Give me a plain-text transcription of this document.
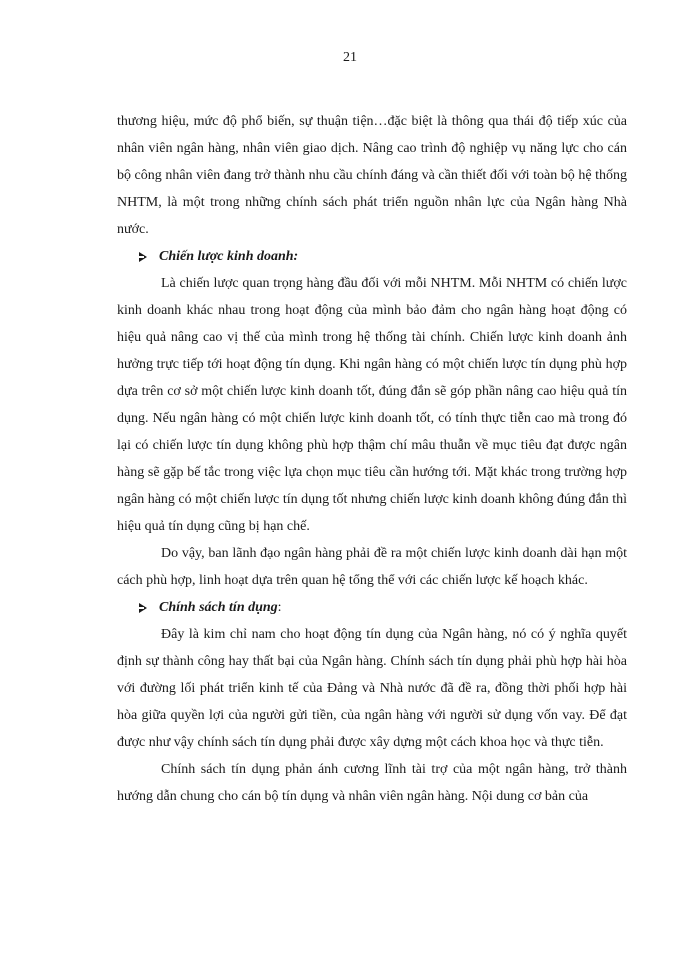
21

thương hiệu, mức độ phổ biến, sự thuận tiện…đặc biệt là thông qua thái độ tiếp xúc của nhân viên ngân hàng, nhân viên giao dịch. Nâng cao trình độ nghiệp vụ năng lực cho cán bộ công nhân viên đang trở thành nhu cầu chính đáng và cần thiết đối với toàn bộ hệ thống NHTM, là một trong những chính sách phát triển nguồn nhân lực của Ngân hàng Nhà nước.

Chiến lược kinh doanh:

Là chiến lược quan trọng hàng đầu đối với mỗi NHTM. Mỗi NHTM có chiến lược kinh doanh khác nhau trong hoạt động của mình bảo đảm cho ngân hàng hoạt động có hiệu quả nâng cao vị thế của mình trong hệ thống tài chính. Chiến lược kinh doanh ảnh hưởng trực tiếp tới hoạt động tín dụng. Khi ngân hàng có một chiến lược tín dụng phù hợp dựa trên cơ sở một chiến lược kinh doanh tốt, đúng đắn sẽ góp phần nâng cao hiệu quả tín dụng. Nếu ngân hàng có một chiến lược kinh doanh tốt, có tính thực tiễn cao mà trong đó lại có chiến lược tín dụng không phù hợp thậm chí mâu thuẫn về mục tiêu đạt được ngân hàng sẽ gặp bế tắc trong việc lựa chọn mục tiêu cần hướng tới. Mặt khác trong trường hợp ngân hàng có một chiến lược tín dụng tốt nhưng chiến lược kinh doanh không đúng đắn thì hiệu quả tín dụng cũng bị hạn chế.

Do vậy, ban lãnh đạo ngân hàng phải đề ra một chiến lược kinh doanh dài hạn một cách phù hợp, linh hoạt dựa trên quan hệ tổng thể với các chiến lược kế hoạch khác.

Chính sách tín dụng :

Đây là kim chỉ nam cho hoạt động tín dụng của Ngân hàng, nó có ý nghĩa quyết định sự thành công hay thất bại của Ngân hàng. Chính sách tín dụng phải phù hợp hài hòa với đường lối phát triển kinh tế của Đảng và Nhà nước đã đề ra, đồng thời phối hợp hài hòa giữa quyền lợi của người gửi tiền, của ngân hàng với người sử dụng vốn vay. Để đạt được như vậy chính sách tín dụng phải được xây dựng một cách khoa học và thực tiễn.

Chính sách tín dụng phản ánh cương lĩnh tài trợ của một ngân hàng, trở thành hướng dẫn chung cho cán bộ tín dụng và nhân viên ngân hàng. Nội dung cơ bản của
